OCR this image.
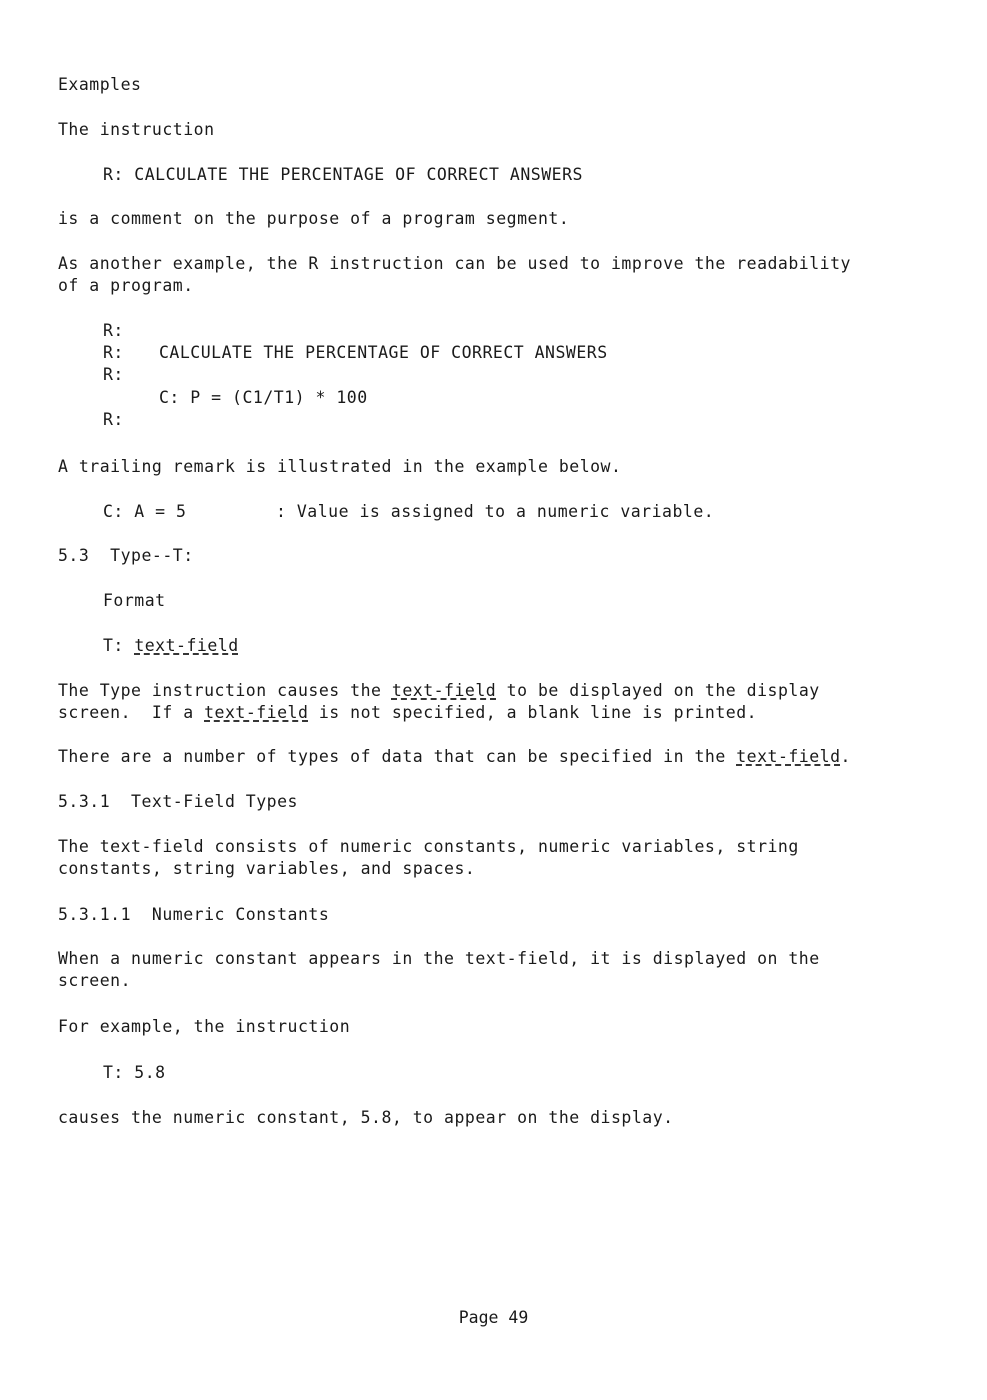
Examples
The instruction
R: CALCULATE THE PERCENTAGE OF CORRECT ANSWERS
is a comment on the purpose of a program segment.
As another example, the R instruction can be used to improve the readability
of a program.
R:
R: CALCULATE THE PERCENTAGE OF CORRECT ANSWERS
R:
C: P = (C1/T1) * 100
R:
A trailing remark is illustrated in the example below.
C: A = 5	: Value is assigned to a numeric variable.
5.3  Type--T:
Format
T: text-field
The Type instruction causes the text-field to be displayed on the display
screen.  If a text-field is not specified, a blank line is printed.
There are a number of types of data that can be specified in the text-field.
5.3.1  Text-Field Types
The text-field consists of numeric constants, numeric variables, string
constants, string variables, and spaces.
5.3.1.1  Numeric Constants
When a numeric constant appears in the text-field, it is displayed on the
screen.
For example, the instruction
T: 5.8
causes the numeric constant, 5.8, to appear on the display.
Page 49
